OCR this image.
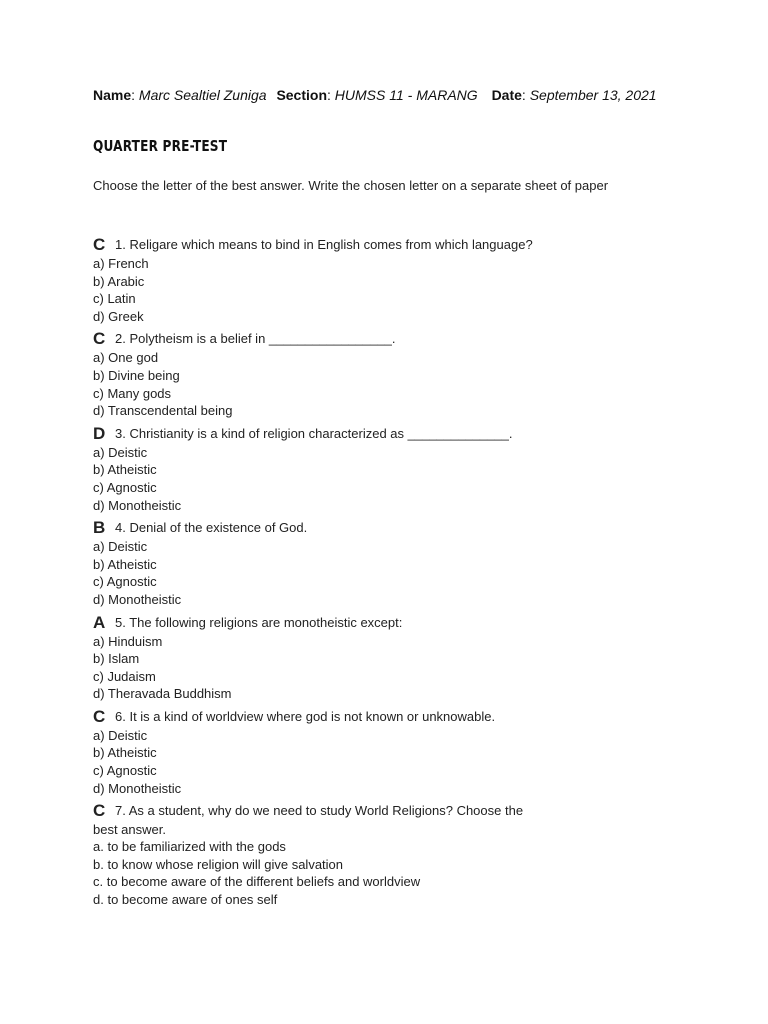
Name: Marc Sealtiel Zuniga Section: HUMSS 11 - MARANG Date: September 13, 2021
QUARTER PRE-TEST
Choose the letter of the best answer. Write the chosen letter on a separate sheet of paper
C 1. Religare which means to bind in English comes from which language?
a) French
b) Arabic
c) Latin
d) Greek
C 2. Polytheism is a belief in _________________.
a) One god
b) Divine being
c) Many gods
d) Transcendental being
D 3. Christianity is a kind of religion characterized as ______________.
a) Deistic
b) Atheistic
c) Agnostic
d) Monotheistic
B 4. Denial of the existence of God.
a) Deistic
b) Atheistic
c) Agnostic
d) Monotheistic
A 5. The following religions are monotheistic except:
a) Hinduism
b) Islam
c) Judaism
d) Theravada Buddhism
C 6. It is a kind of worldview where god is not known or unknowable.
a) Deistic
b) Atheistic
c) Agnostic
d) Monotheistic
C 7. As a student, why do we need to study World Religions? Choose the
best answer.
a. to be familiarized with the gods
b. to know whose religion will give salvation
c. to become aware of the different beliefs and worldview
d. to become aware of ones self
